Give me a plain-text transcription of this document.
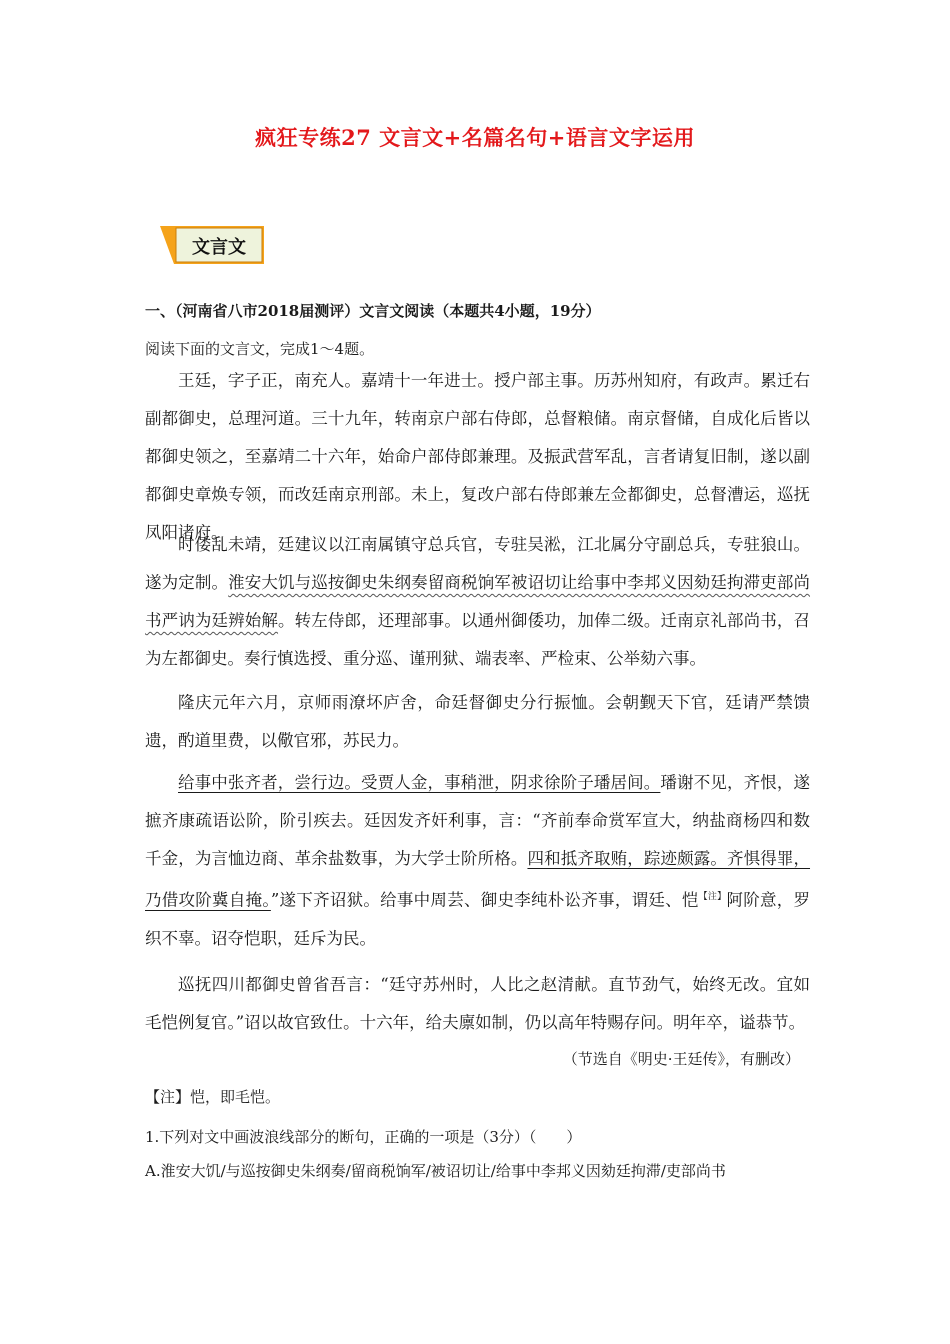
疯狂专练27 文言文+名篇名句+语言文字运用
文言文
一、（河南省八市2018届测评）文言文阅读（本题共4小题，19分）
阅读下面的文言文，完成1～4题。

王廷，字子正，南充人。嘉靖十一年进士。授户部主事。历苏州知府，有政声。累迁右副都御史，总理河道。三十九年，转南京户部右侍郎，总督粮储。南京督储，自成化后皆以都御史领之，至嘉靖二十六年，始命户部侍郎兼理。及振武营军乱，言者请复旧制，遂以副都御史章焕专领，而改廷南京刑部。未上，复改户部右侍郎兼左佥都御史，总督漕运，巡抚凤阳诸府。

时倭乱未靖，廷建议以江南属镇守总兵官，专驻吴淞，江北属分守副总兵，专驻狼山。遂为定制。淮安大饥与巡按御史朱纲奏留商税饷军被诏切让给事中李邦义因劾廷拘滞吏部尚书严讷为廷辨始解。转左侍郎，还理部事。以通州御倭功，加俸二级。迁南京礼部尚书，召为左都御史。奏行慎选授、重分巡、谨刑狱、端表率、严检束、公举劾六事。

隆庆元年六月，京师雨潦坏庐舍，命廷督御史分行振恤。会朝觐天下官，廷请严禁馈遗，酌道里费，以儆官邪，苏民力。

给事中张齐者，尝行边。受贾人金，事稍泄，阴求徐阶子璠居间。璠谢不见，齐恨，遂摭齐康疏语讼阶，阶引疾去。廷因发齐奸利事，言：“齐前奉命赏军宣大，纳盐商杨四和数千金，为言恤边商、革余盐数事，为大学士阶所格。四和抵齐取贿，踪迹颇露。齐惧得罪，乃借攻阶冀自掩。”遂下齐诏狱。给事中周芸、御史李纯朴讼齐事，谓廷、恺$^{【注】}$阿阶意，罗织不辜。诏夺恺职，廷斥为民。

巡抚四川都御史曾省吾言：“廷守苏州时，人比之赵清献。直节劲气，始终无改。宜如毛恺例复官。”诏以故官致仕。十六年，给夫廪如制，仍以高年特赐存问。明年卒，谥恭节。

（节选自《明史·王廷传》，有删改）
【注】恺，即毛恺。
1.下列对文中画波浪线部分的断句，正确的一项是（3分）（　　）
A.淮安大饥/与巡按御史朱纲奏/留商税饷军/被诏切让/给事中李邦义因劾廷拘滞/吏部尚书
